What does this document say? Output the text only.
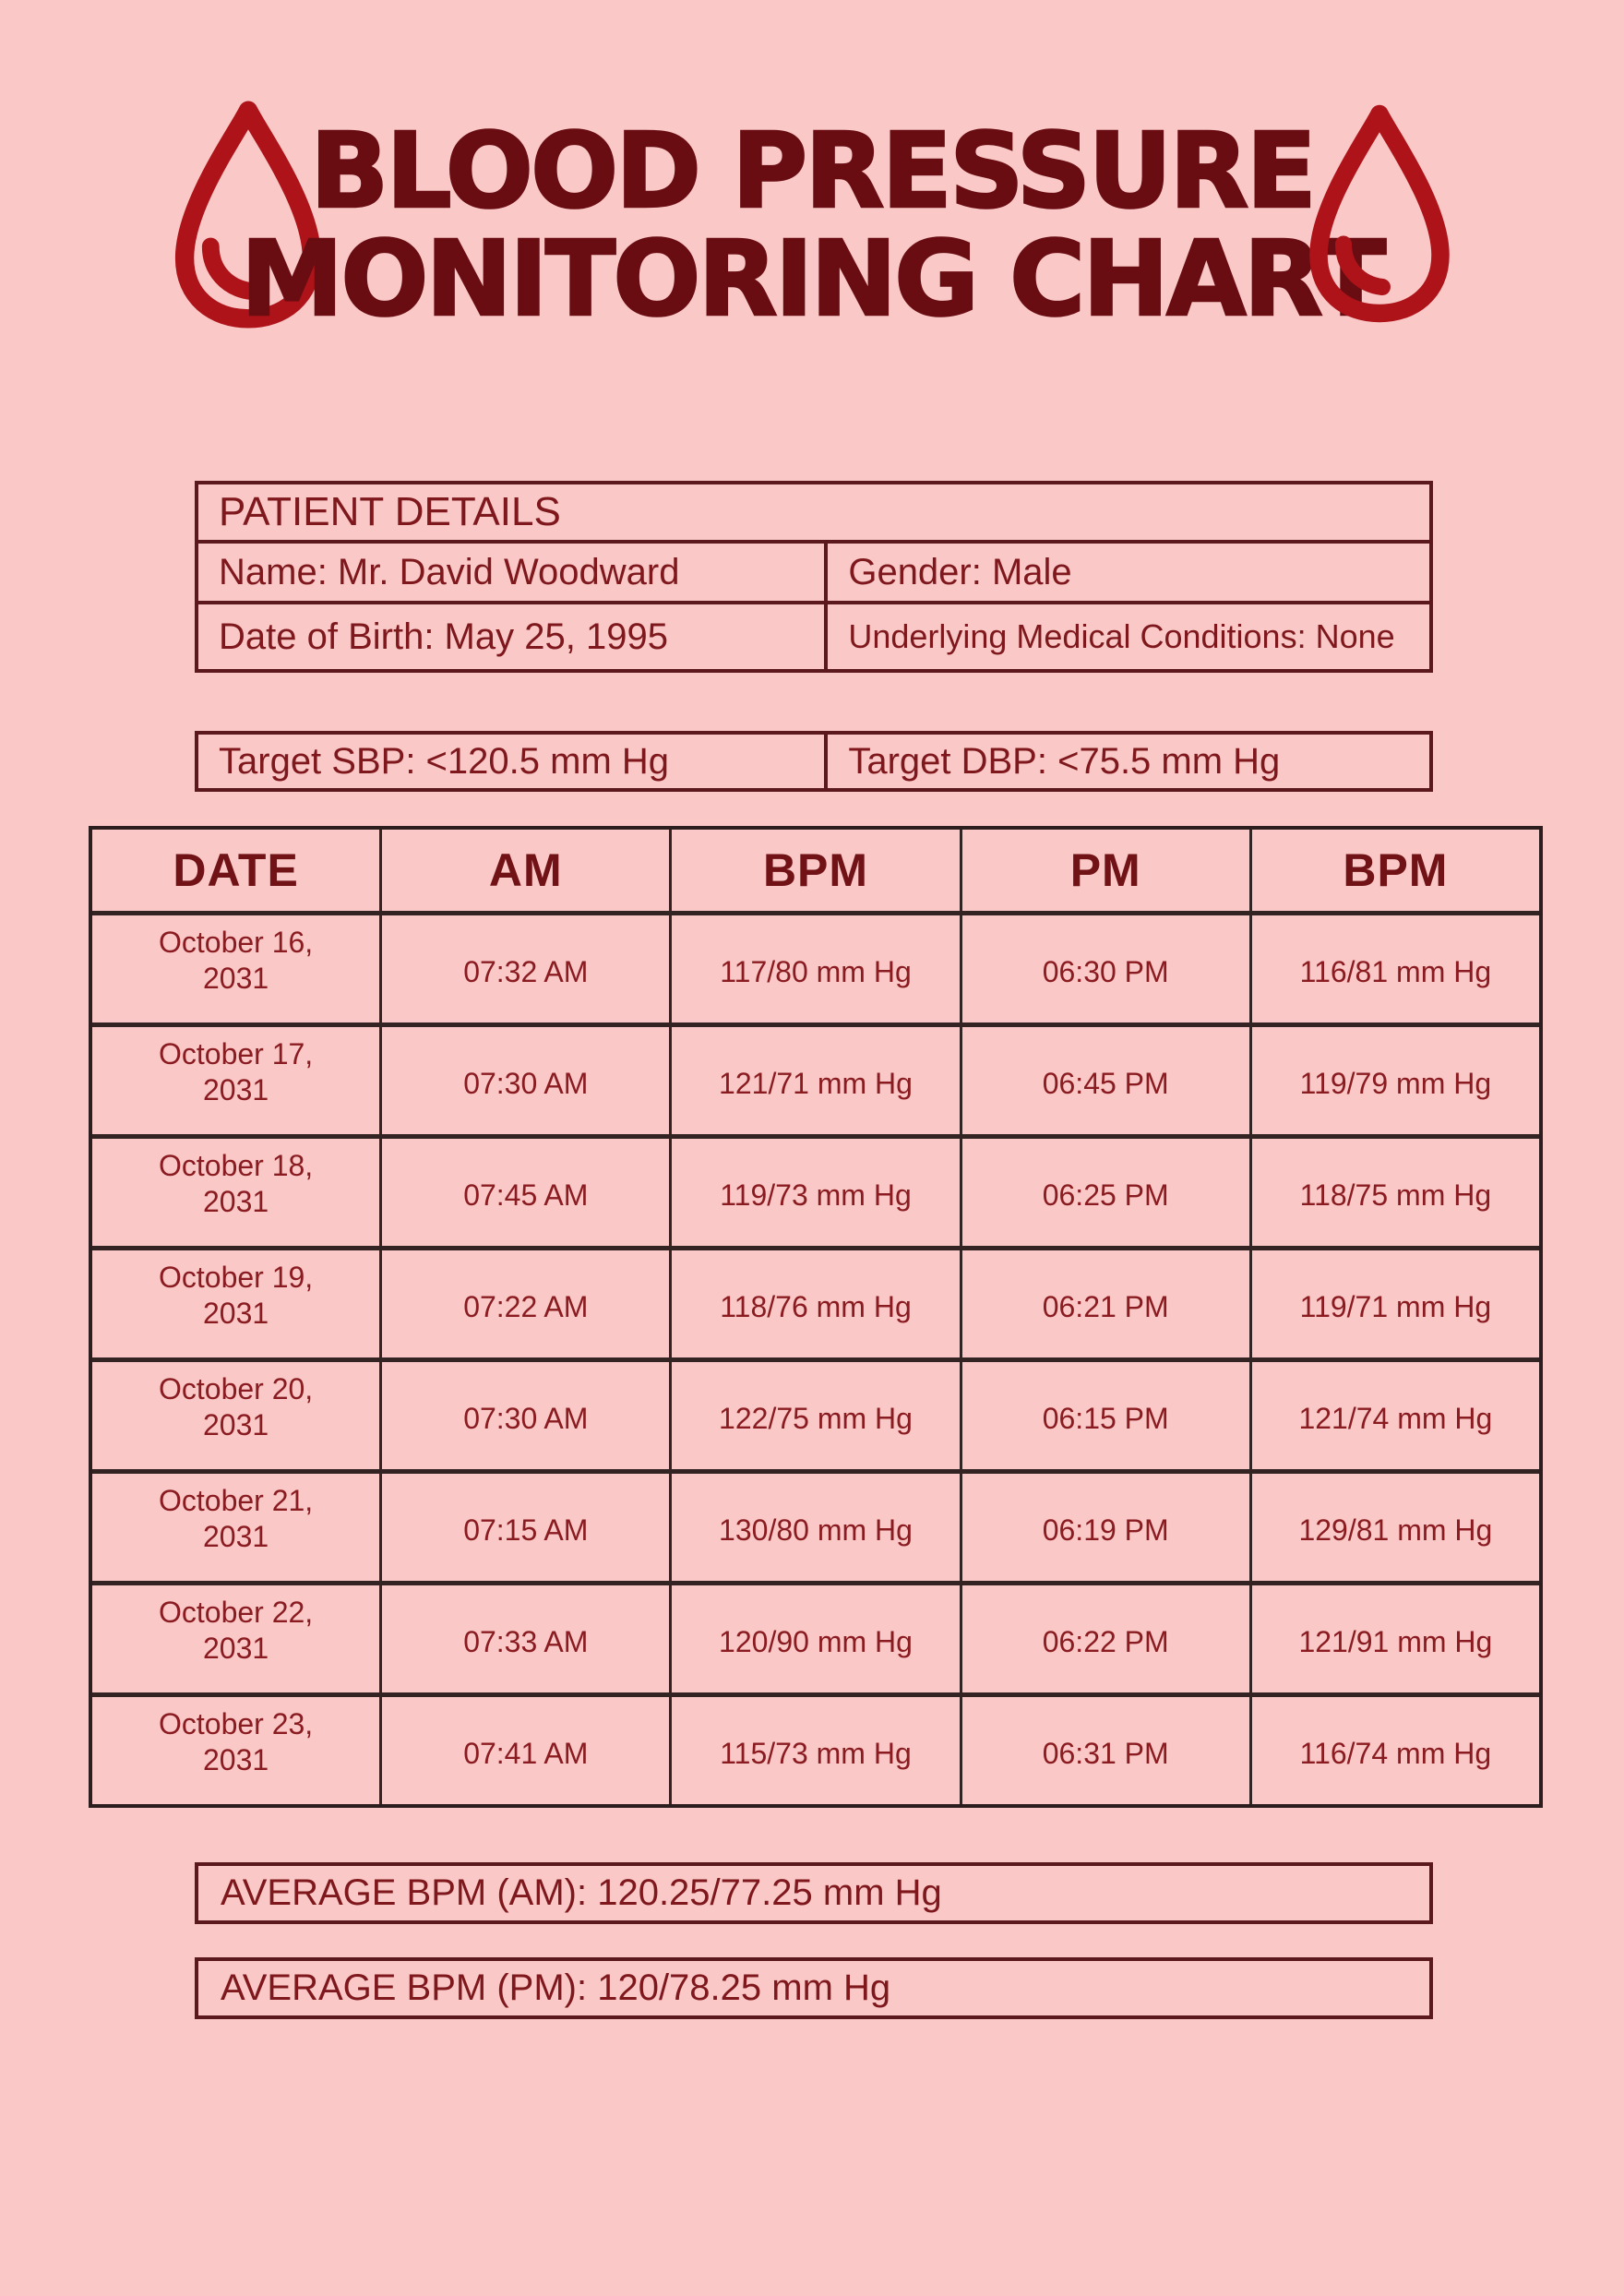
BLOOD PRESSURE
MONITORING CHART
PATIENT DETAILS
Name: Mr. David Woodward	Gender: Male
Date of Birth: May 25, 1995	Underlying Medical Conditions: None
Target SBP: <120.5 mm Hg	Target DBP: <75.5 mm Hg
DATE	AM	BPM	PM	BPM
October 16, 2031	07:32 AM	117/80 mm Hg	06:30 PM	116/81 mm Hg
October 17, 2031	07:30 AM	121/71 mm Hg	06:45 PM	119/79 mm Hg
October 18, 2031	07:45 AM	119/73 mm Hg	06:25 PM	118/75 mm Hg
October 19, 2031	07:22 AM	118/76 mm Hg	06:21 PM	119/71 mm Hg
October 20, 2031	07:30 AM	122/75 mm Hg	06:15 PM	121/74 mm Hg
October 21, 2031	07:15 AM	130/80 mm Hg	06:19 PM	129/81 mm Hg
October 22, 2031	07:33 AM	120/90 mm Hg	06:22 PM	121/91 mm Hg
October 23, 2031	07:41 AM	115/73 mm Hg	06:31 PM	116/74 mm Hg
AVERAGE BPM (AM): 120.25/77.25 mm Hg
AVERAGE BPM (PM): 120/78.25 mm Hg
